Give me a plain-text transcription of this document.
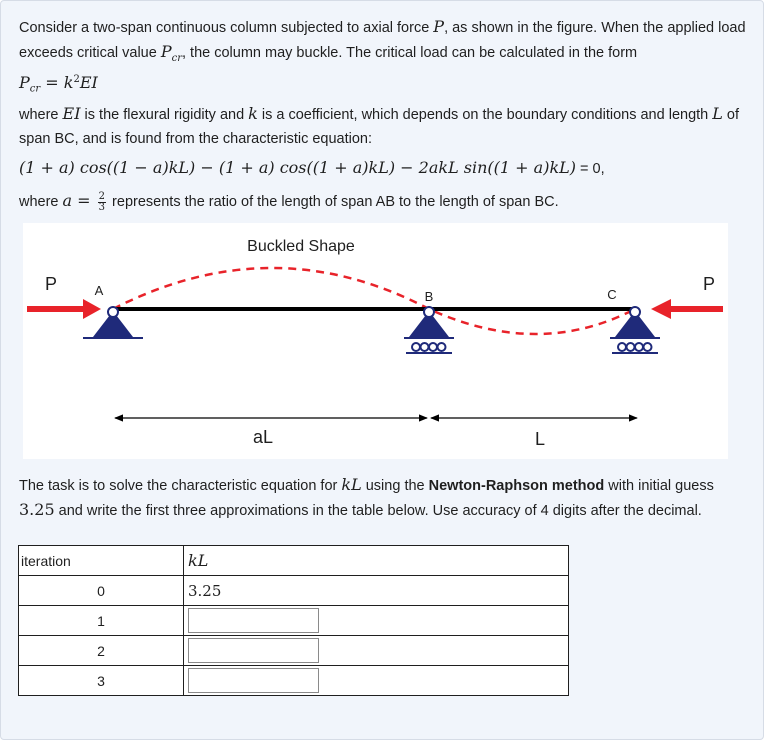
Consider a two-span continuous column subjected to axial force P, as shown in the figure. When the applied load exceeds critical value $P_{cr}$, the column may buckle. The critical load can be calculated in the form

$P_{cr} = k^2EI$

where EI is the flexural rigidity and k is a coefficient, which depends on the boundary conditions and length L of span BC, and is found from the characteristic equation:

(1 + a) cos((1 − a)kL) − (1 + a) cos((1 + a)kL) − 2akL sin((1 + a)kL) = 0,

where $a = \frac{2}{3}$ represents the ratio of the length of span AB to the length of span BC.

Buckled Shape
P	P
A	B	C
aL	L

The task is to solve the characteristic equation for kL using the Newton-Raphson method with initial guess
3.25 and write the first three approximations in the table below. Use accuracy of 4 digits after the decimal.

iteration	kL
0	3.25
1	

2	

3	
